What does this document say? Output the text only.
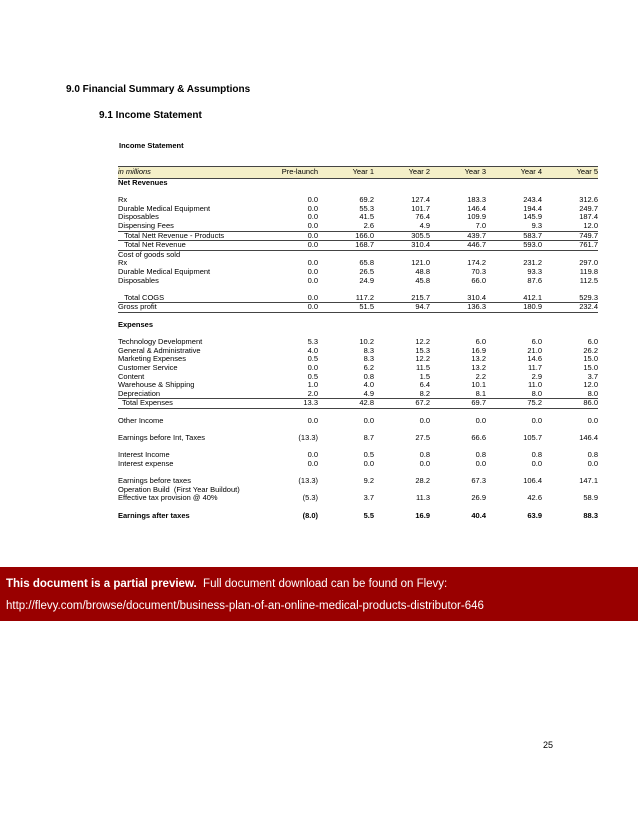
9.0 Financial Summary & Assumptions
9.1 Income Statement
Income Statement
in millions	Pre-launch	Year 1	Year 2	Year 3	Year 4	Year 5
Net Revenues						

Rx	0.0	69.2	127.4	183.3	243.4	312.6
Durable Medical Equipment	0.0	55.3	101.7	146.4	194.4	249.7
Disposables	0.0	41.5	76.4	109.9	145.9	187.4
Dispensing Fees	0.0	2.6	4.9	7.0	9.3	12.0
Total Nett Revenue - Products	0.0	166.0	305.5	439.7	583.7	749.7
Total Net Revenue	0.0	168.7	310.4	446.7	593.0	761.7
Cost of goods sold						
Rx	0.0	65.8	121.0	174.2	231.2	297.0
Durable Medical Equipment	0.0	26.5	48.8	70.3	93.3	119.8
Disposables	0.0	24.9	45.8	66.0	87.6	112.5

Total COGS	0.0	117.2	215.7	310.4	412.1	529.3
Gross profit	0.0	51.5	94.7	136.3	180.9	232.4

Expenses						

Technology Development	5.3	10.2	12.2	6.0	6.0	6.0
General & Administrative	4.0	8.3	15.3	16.9	21.0	26.2
Marketing Expenses	0.5	8.3	12.2	13.2	14.6	15.0
Customer Service	0.0	6.2	11.5	13.2	11.7	15.0
Content	0.5	0.8	1.5	2.2	2.9	3.7
Warehouse & Shipping	1.0	4.0	6.4	10.1	11.0	12.0
Depreciation	2.0	4.9	8.2	8.1	8.0	8.0
Total Expenses	13.3	42.8	67.2	69.7	75.2	86.0

Other Income	0.0	0.0	0.0	0.0	0.0	0.0

Earnings before Int, Taxes	(13.3)	8.7	27.5	66.6	105.7	146.4

Interest Income	0.0	0.5	0.8	0.8	0.8	0.8
Interest expense	0.0	0.0	0.0	0.0	0.0	0.0

Earnings before taxes	(13.3)	9.2	28.2	67.3	106.4	147.1
Operation Build  (First Year Buildout)						
Effective tax provision @ 40%	(5.3)	3.7	11.3	26.9	42.6	58.9

Earnings after taxes	(8.0)	5.5	16.9	40.4	63.9	88.3
This document is a partial preview. Full document download can be found on Flevy:
http://flevy.com/browse/document/business-plan-of-an-online-medical-products-distributor-646
25
